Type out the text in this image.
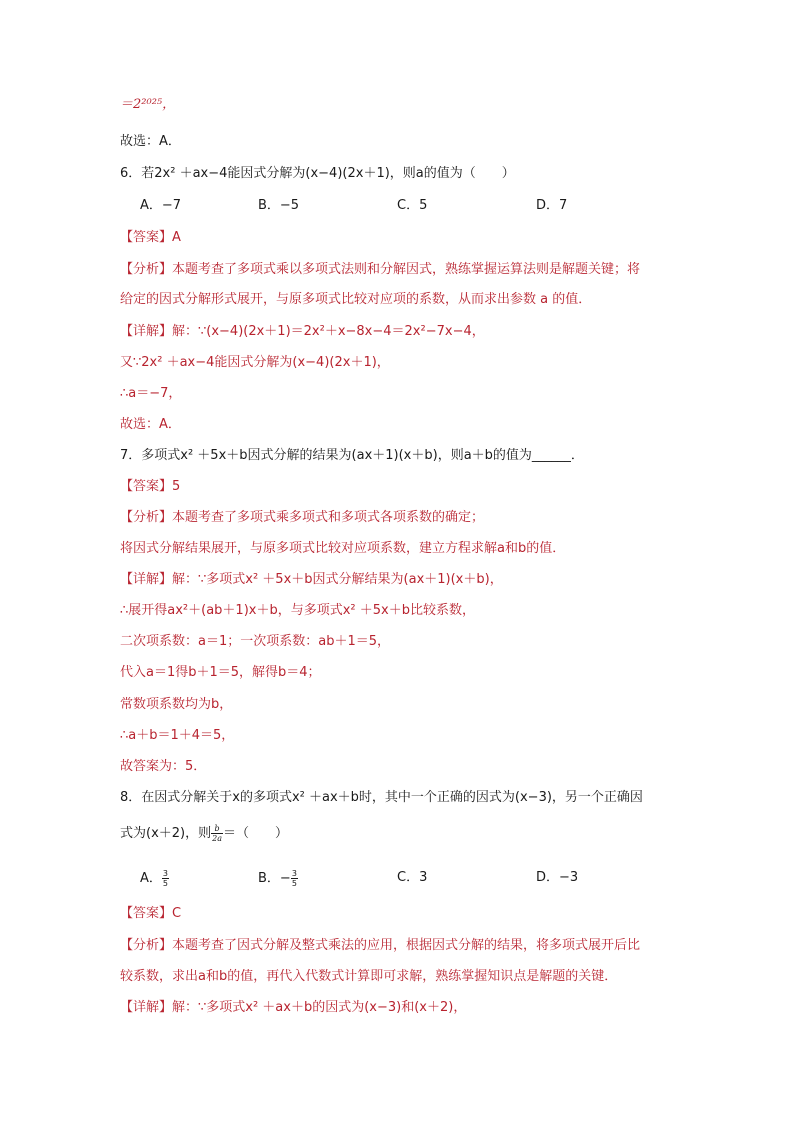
＝2²⁰²⁵，
故选：A．
6．若2x² ＋ax−4能因式分解为(x−4)(2x＋1)，则a的值为（　　）
A．−7	B．−5	C．5	D．7
【答案】A
【分析】本题考查了多项式乘以多项式法则和分解因式，熟练掌握运算法则是解题关键；将
给定的因式分解形式展开，与原多项式比较对应项的系数，从而求出参数 a 的值．
【详解】解：∵(x−4)(2x＋1)＝2x²＋x−8x−4＝2x²−7x−4，
又∵2x² ＋ax−4能因式分解为(x−4)(2x＋1)，
∴a＝−7，
故选：A．
7．多项式x² ＋5x＋b因式分解的结果为(ax＋1)(x＋b)，则a＋b的值为______．
【答案】5
【分析】本题考查了多项式乘多项式和多项式各项系数的确定；
将因式分解结果展开，与原多项式比较对应项系数，建立方程求解a和b的值．
【详解】解：∵多项式x² ＋5x＋b因式分解结果为(ax＋1)(x＋b)，
∴展开得ax²＋(ab＋1)x＋b，与多项式x² ＋5x＋b比较系数，
二次项系数：a＝1；一次项系数：ab＋1＝5，
代入a＝1得b＋1＝5，解得b＝4；
常数项系数均为b，
∴a＋b＝1＋4＝5，
故答案为：5．
8．在因式分解关于x的多项式x² ＋ax＋b时，其中一个正确的因式为(x−3)，另一个正确因
式为(x＋2)，则 $\frac{b}{2a}$ ＝（　　）
A． $\frac{3}{5}$	B．− $\frac{3}{5}$	C．3	D．−3
【答案】C
【分析】本题考查了因式分解及整式乘法的应用，根据因式分解的结果，将多项式展开后比
较系数，求出a和b的值，再代入代数式计算即可求解，熟练掌握知识点是解题的关键．
【详解】解：∵多项式x² ＋ax＋b的因式为(x−3)和(x＋2)，
